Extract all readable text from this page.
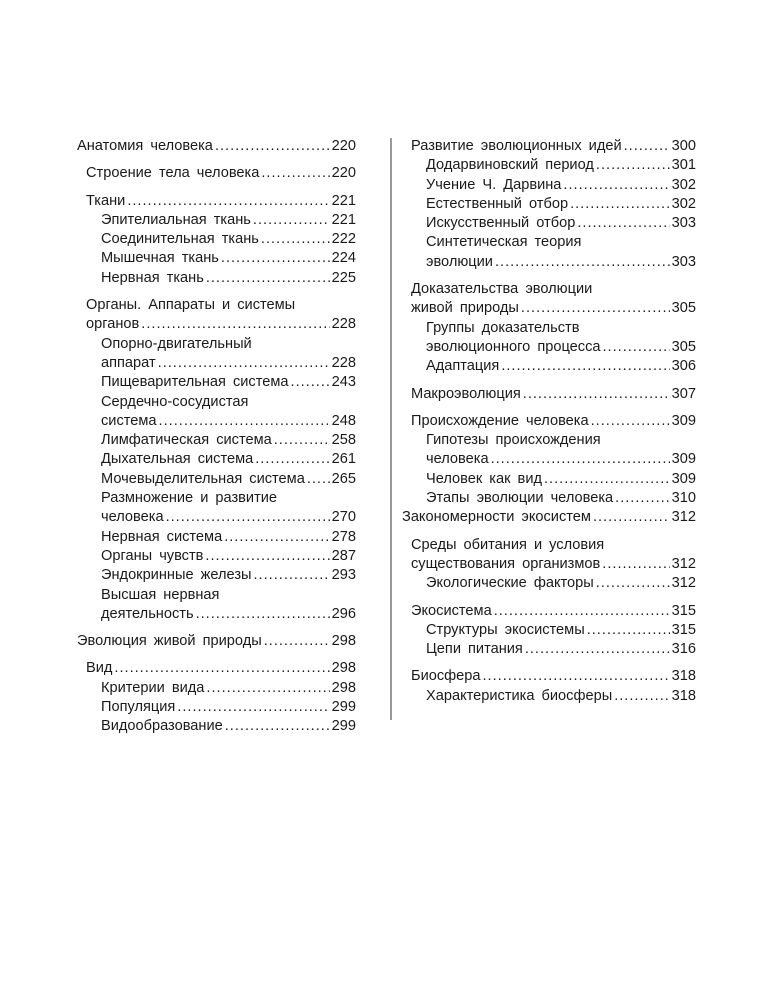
Анатомия человека .....	220
Строение тела человека .....	220
Ткани .....	221
Эпителиальная ткань .....	221
Соединительная ткань .....	222
Мышечная ткань .....	224
Нервная ткань .....	225
Органы. Аппараты и системы
органов .....	228
Опорно-двигательный
аппарат .....	228
Пищеварительная система .....	243
Сердечно-сосудистая
система .....	248
Лимфатическая система .....	258
Дыхательная система .....	261
Мочевыделительная система ..... 265
Размножение и развитие
человека .....	270
Нервная система .....	278
Органы чувств .....	287
Эндокринные железы .....	293
Высшая нервная
деятельность .....	296
Эволюция живой природы .....	298
Вид .....	298
Критерии вида .....	298
Популяция .....	299
Видообразование .....	299
Развитие эволюционных идей .....	300
Додарвиновский период .....	301
Учение Ч. Дарвина .....	302
Естественный отбор .....	302
Искусственный отбор .....	303
Синтетическая теория
эволюции .....	303
Доказательства эволюции
живой природы .....	305
Группы доказательств
эволюционного процесса .....	305
Адаптация .....	306
Макроэволюция .....	307
Происхождение человека .....	309
Гипотезы происхождения
человека .....	309
Человек как вид .....	309
Этапы эволюции человека .....	310
Закономерности экосистем .....	312
Среды обитания и условия
существования организмов .....	312
Экологические факторы .....	312
Экосистема .....	315
Структуры экосистемы .....	315
Цепи питания .....	316
Биосфера .....	318
Характеристика биосферы .....	318
